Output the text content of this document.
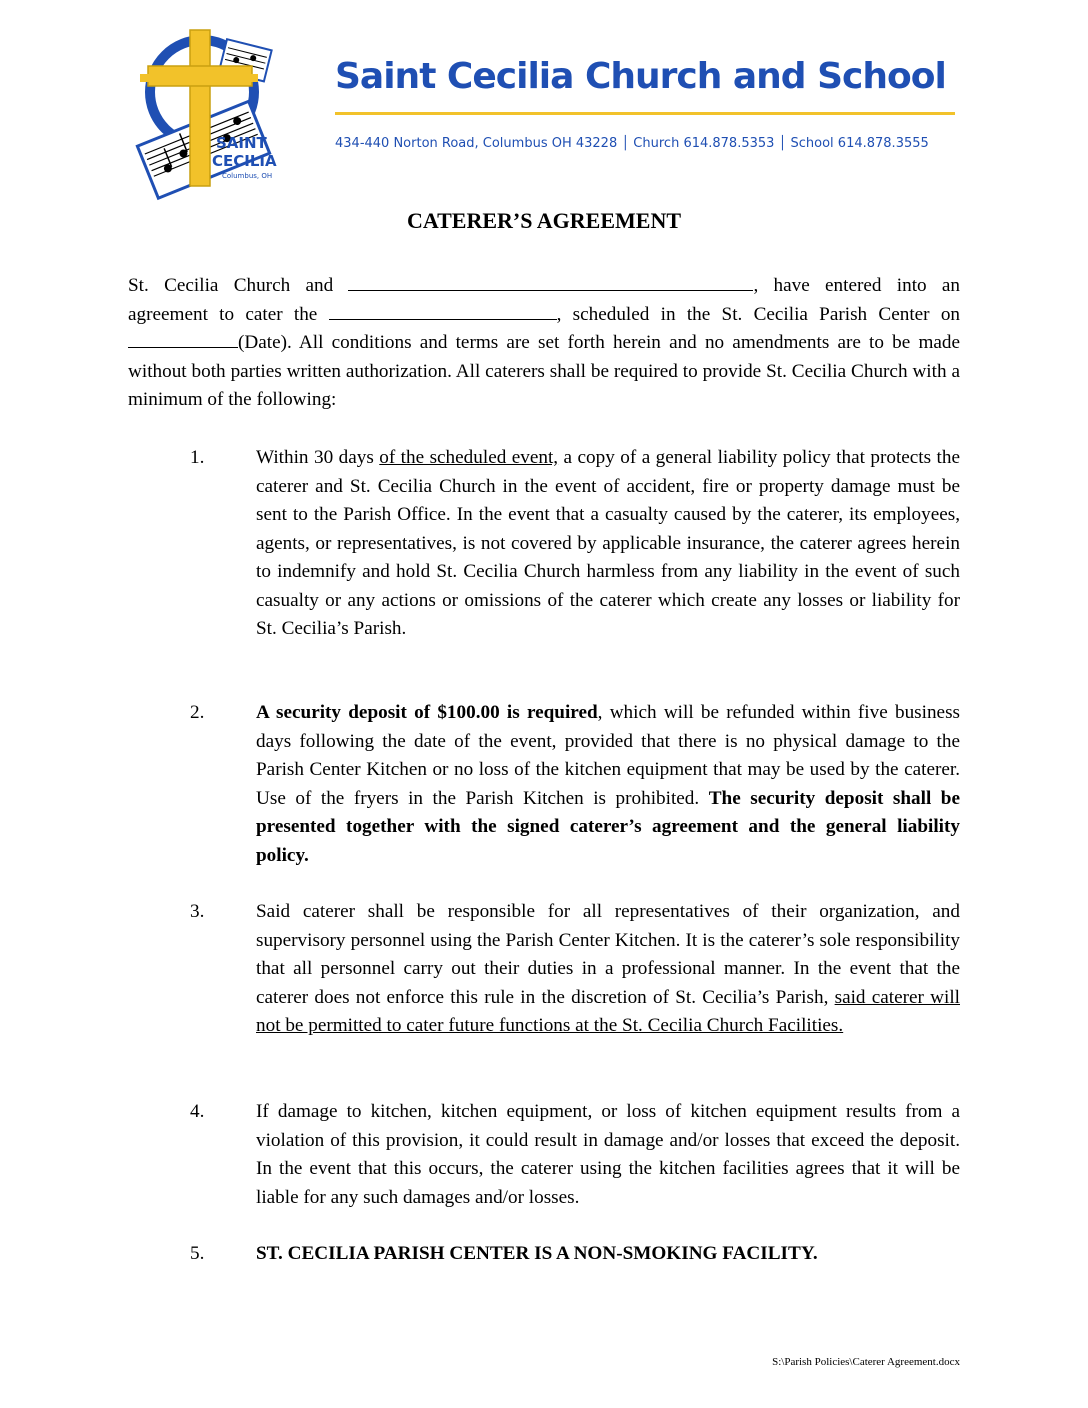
SAINT
CECILIA
Columbus, OH
Saint Cecilia Church and School
434-440 Norton Road, Columbus OH 43228 │ Church 614.878.5353 │ School 614.878.3555
CATERER’S AGREEMENT
St. Cecilia Church and	, have entered into an agreement to cater the	, scheduled in the St. Cecilia Parish Center on (Date). All conditions and terms are set forth herein and no amendments are to be made without both parties written authorization. All caterers shall be required to provide St. Cecilia Church with a minimum of the following:
1.	Within 30 days of the scheduled event, a copy of a general liability policy that protects the caterer and St. Cecilia Church in the event of accident, fire or property damage must be sent to the Parish Office. In the event that a casualty caused by the caterer, its employees, agents, or representatives, is not covered by applicable insurance, the caterer agrees herein to indemnify and hold St. Cecilia Church harmless from any liability in the event of such casualty or any actions or omissions of the caterer which create any losses or liability for St. Cecilia’s Parish.
2.	A security deposit of $100.00 is required, which will be refunded within five business days following the date of the event, provided that there is no physical damage to the Parish Center Kitchen or no loss of the kitchen equipment that may be used by the caterer. Use of the fryers in the Parish Kitchen is prohibited. The security deposit shall be presented together with the signed caterer’s agreement and the general liability policy.
3.	Said caterer shall be responsible for all representatives of their organization, and supervisory personnel using the Parish Center Kitchen. It is the caterer’s sole responsibility that all personnel carry out their duties in a professional manner. In the event that the caterer does not enforce this rule in the discretion of St. Cecilia’s Parish, said caterer will not be permitted to cater future functions at the St. Cecilia Church Facilities.
4.	If damage to kitchen, kitchen equipment, or loss of kitchen equipment results from a violation of this provision, it could result in damage and/or losses that exceed the deposit. In the event that this occurs, the caterer using the kitchen facilities agrees that it will be liable for any such damages and/or losses.
5.	ST. CECILIA PARISH CENTER IS A NON-SMOKING FACILITY.
S:\Parish Policies\Caterer Agreement.docx
